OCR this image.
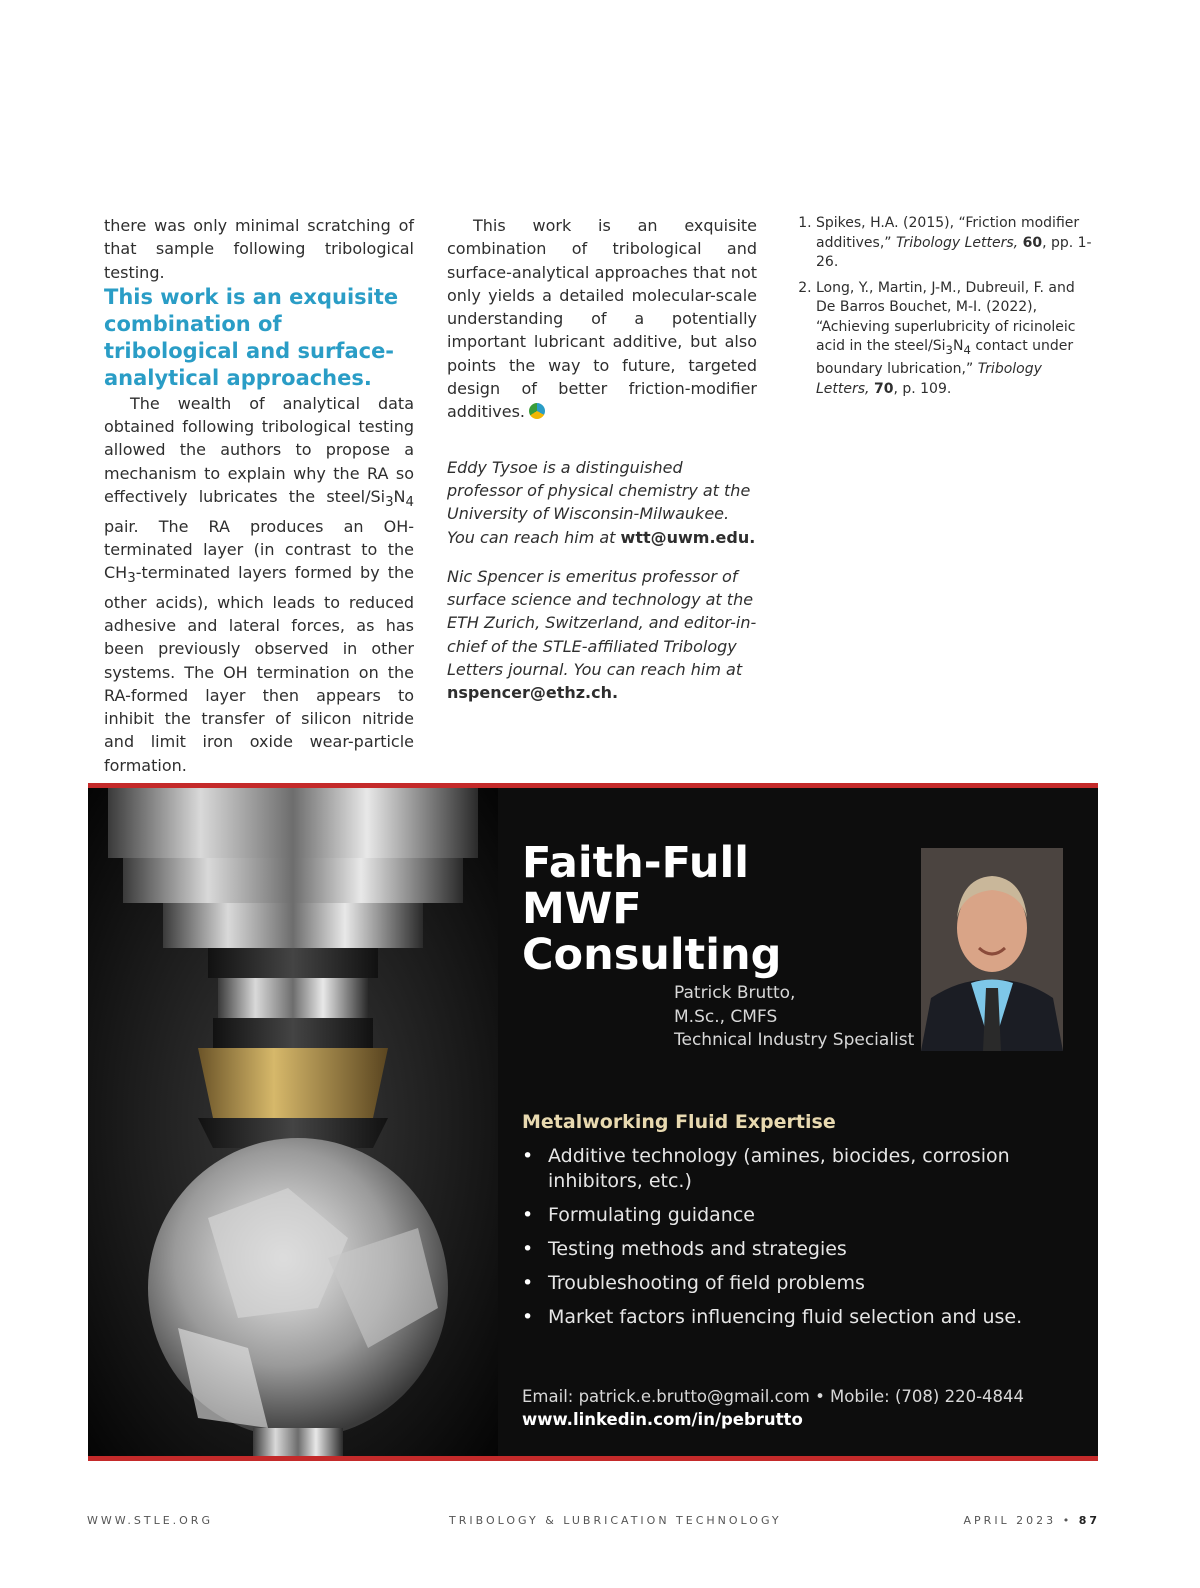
there was only minimal scratching of that sample following tribological testing.

This work is an exquisite combination of tribological and surface-analytical approaches.

The wealth of analytical data obtained following tribological testing allowed the authors to propose a mechanism to explain why the RA so effectively lubricates the steel/$Si_3N_4$ pair. The RA produces an OH-terminated layer (in contrast to the $CH_3$-terminated layers formed by the other acids), which leads to reduced adhesive and lateral forces, as has been previously observed in other systems. The OH termination on the RA-formed layer then appears to inhibit the transfer of silicon nitride and limit iron oxide wear-particle formation.

This work is an exquisite combination of tribological and surface-analytical approaches that not only yields a detailed molecular-scale understanding of a potentially important lubricant additive, but also points the way to future, targeted design of better friction-modifier additives.

Eddy Tysoe is a distinguished professor of physical chemistry at the University of Wisconsin-Milwaukee. You can reach him at wtt@uwm.edu.

Nic Spencer is emeritus professor of surface science and technology at the ETH Zurich, Switzerland, and editor-in-chief of the STLE-affiliated Tribology Letters journal. You can reach him at nspencer@ethz.ch.

1. Spikes, H.A. (2015), “Friction modifier additives,” Tribology Letters, 60, pp. 1-26.
2. Long, Y., Martin, J-M., Dubreuil, F. and De Barros Bouchet, M-I. (2022), “Achieving superlubricity of ricinoleic acid in the steel/$Si_3N_4$ contact under boundary lubrication,” Tribology Letters, 70, p. 109.
Faith-Full
MWF Consulting
Patrick Brutto,
M.Sc., CMFS
Technical Industry Specialist
Metalworking Fluid Expertise
• Additive technology (amines, biocides, corrosion inhibitors, etc.)
• Formulating guidance
• Testing methods and strategies
• Troubleshooting of field problems
• Market factors influencing fluid selection and use.
Email: patrick.e.brutto@gmail.com • Mobile: (708) 220-4844
www.linkedin.com/in/pebrutto
WWW.STLE.ORG	TRIBOLOGY & LUBRICATION TECHNOLOGY	APRIL 2023 • 87
